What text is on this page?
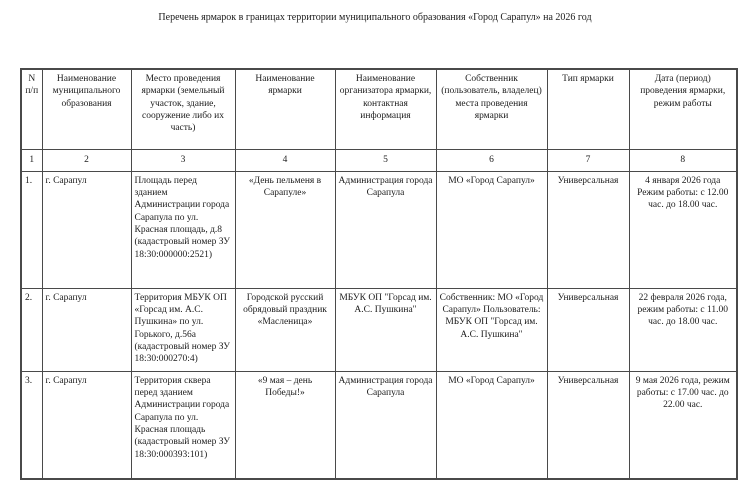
Перечень ярмарок в границах территории муниципального образования «Город Сарапул» на 2026 год
N п/п	Наименование муниципального образования	Место проведения ярмарки (земельный участок, здание, сооружение либо их часть)	Наименование ярмарки	Наименование организатора ярмарки, контактная информация	Собственник (пользователь, владелец) места проведения ярмарки	Тип ярмарки	Дата (период) проведения ярмарки, режим работы
1	2	3	4	5	6	7	8
1.	г. Сарапул	Площадь перед зданием Администрации города Сарапула по ул. Красная площадь, д.8 (кадастровый номер ЗУ 18:30:000000:2521)	«День пельменя в Сарапуле»	Администрация города Сарапула	МО «Город Сарапул»	Универсальная	4 января 2026 года Режим работы: с 12.00 час. до 18.00 час.
2.	г. Сарапул	Территория МБУК ОП «Горсад им. А.С. Пушкина» по ул. Горького, д.56а (кадастровый номер ЗУ 18:30:000270:4)	Городской русский обрядовый праздник «Масленица»	МБУК ОП "Горсад им. А.С. Пушкина"	Собственник: МО «Город Сарапул» Пользователь: МБУК ОП "Горсад им. А.С. Пушкина"	Универсальная	22 февраля 2026 года, режим работы: с 11.00 час. до 18.00 час.
3.	г. Сарапул	Территория сквера перед зданием Администрации города Сарапула по ул. Красная площадь (кадастровый номер ЗУ 18:30:000393:101)	«9 мая – день Победы!»	Администрация города Сарапула	МО «Город Сарапул»	Универсальная	9 мая 2026 года, режим работы: с 17.00 час. до 22.00 час.
